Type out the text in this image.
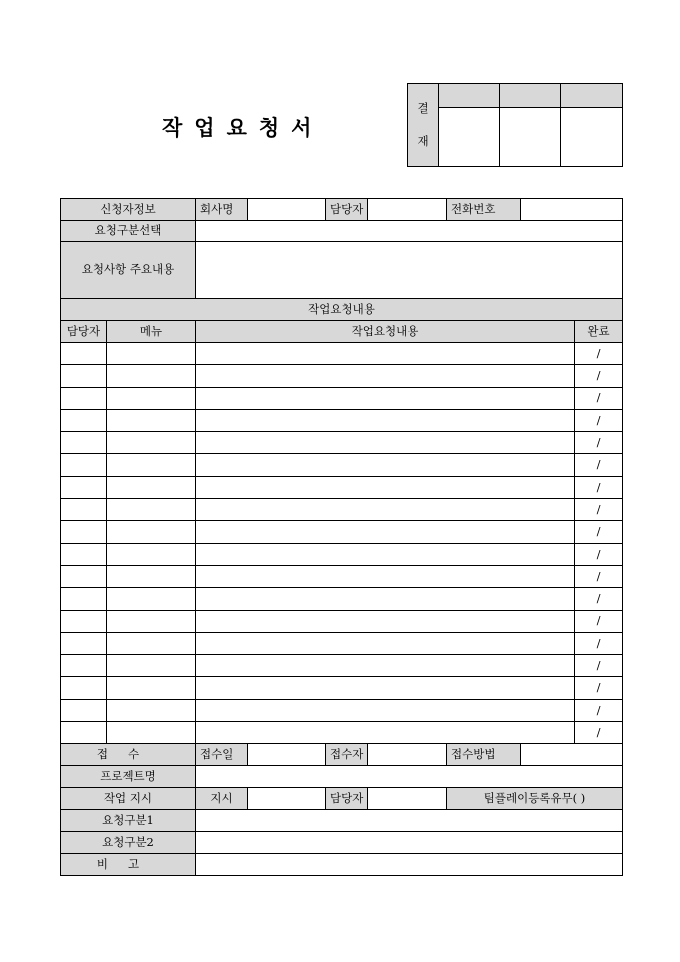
작업요청서
결
재			

신청자정보		회사명		담당자		전화번호		
요청구분선택								
요청사항 주요내용								
작업요청내용								
담당자	메뉴	작업요청내용						완료
								/
								/
								/
								/
								/
								/
								/
								/
								/
								/
								/
								/
								/
								/
								/
								/
								/
								/
접수		접수일		접수자		접수방법		
프로젝트명								
작업 지시		지시		담당자		팀플레이등록유무( )		
요청구분1								
요청구분2								
비고								
